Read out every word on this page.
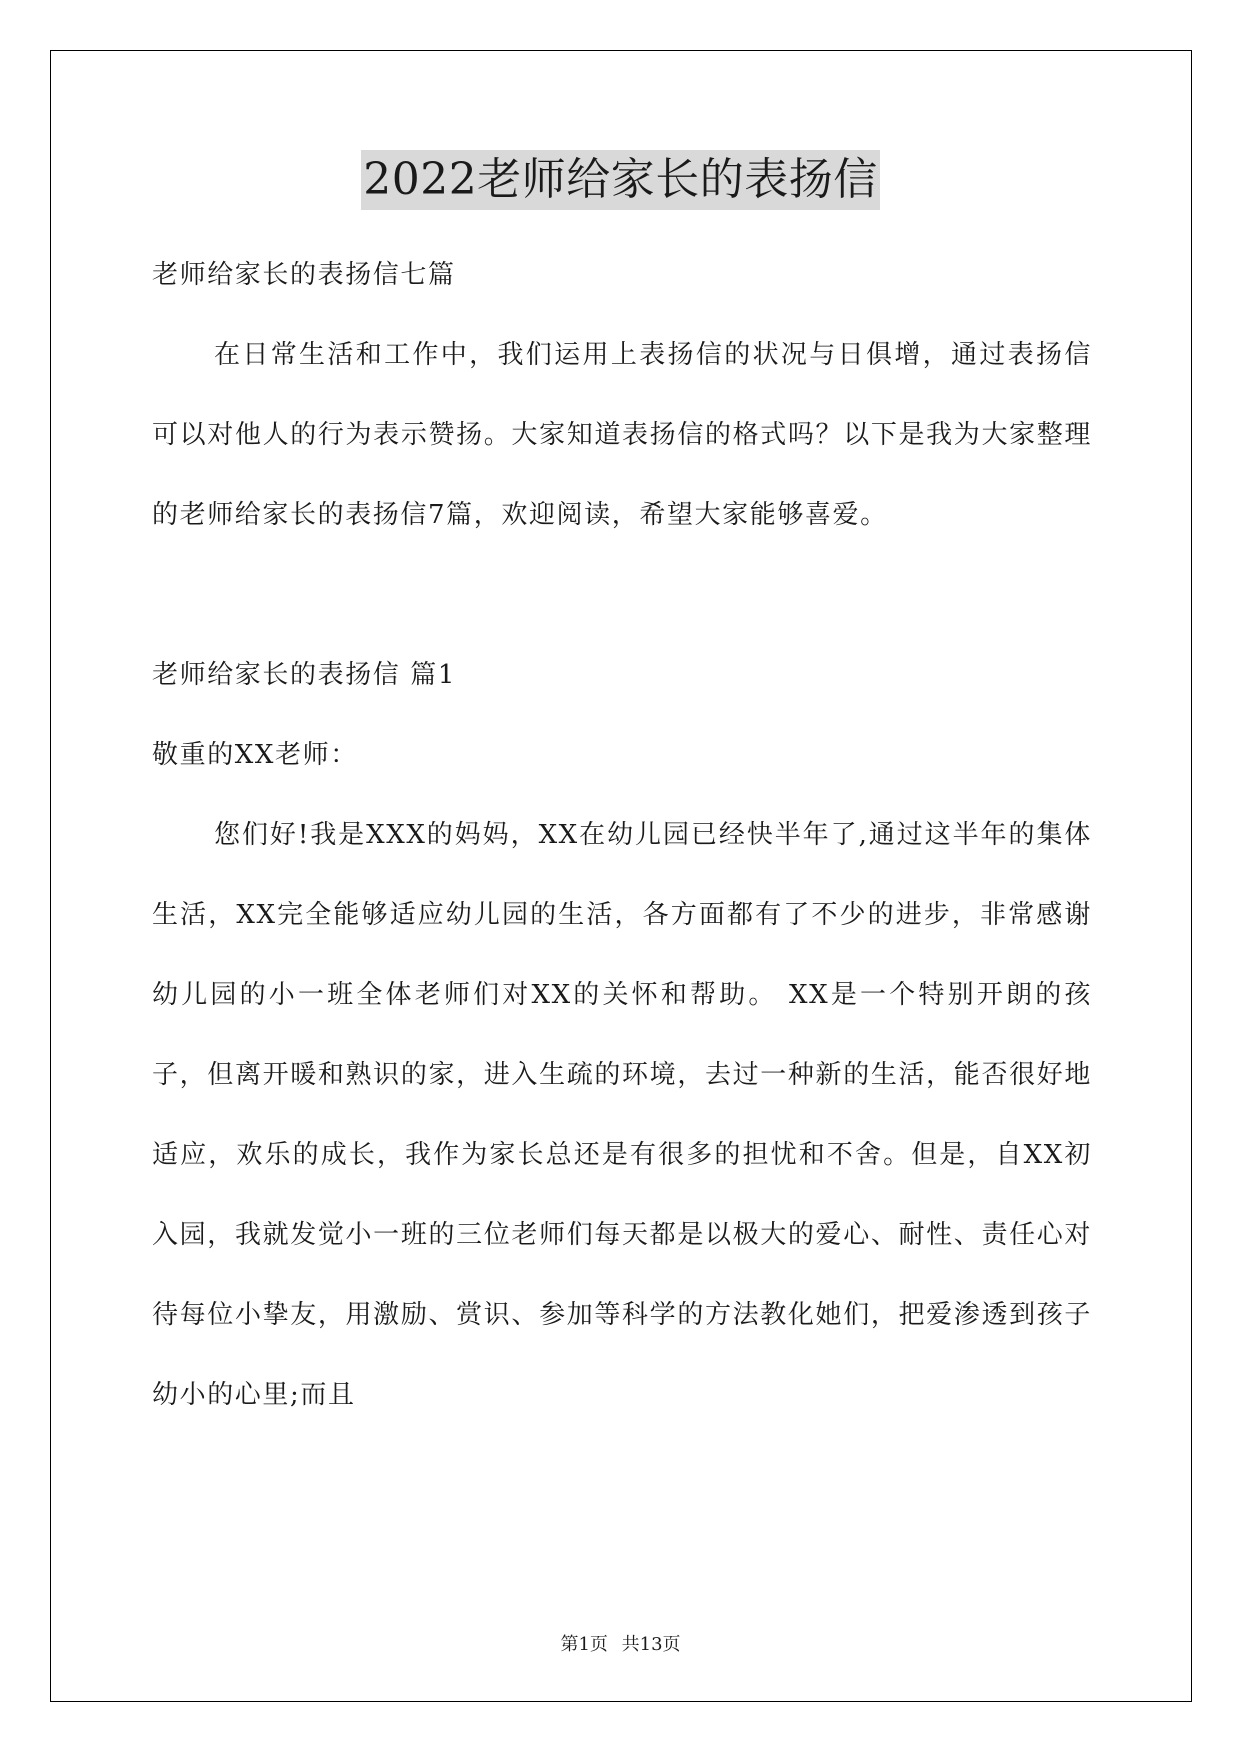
2022老师给家长的表扬信

老师给家长的表扬信七篇

在日常生活和工作中，我们运用上表扬信的状况与日俱增，通过表扬信可以对他人的行为表示赞扬。大家知道表扬信的格式吗？以下是我为大家整理的老师给家长的表扬信7篇，欢迎阅读，希望大家能够喜爱。

老师给家长的表扬信 篇1

敬重的XX老师：

您们好!我是XXX的妈妈，XX在幼儿园已经快半年了,通过这半年的集体生活，XX完全能够适应幼儿园的生活，各方面都有了不少的进步，非常感谢幼儿园的小一班全体老师们对XX的关怀和帮助。 XX是一个特别开朗的孩子，但离开暖和熟识的家，进入生疏的环境，去过一种新的生活，能否很好地适应，欢乐的成长，我作为家长总还是有很多的担忧和不舍。但是，自XX初入园，我就发觉小一班的三位老师们每天都是以极大的爱心、耐性、责任心对待每位小挚友，用激励、赏识、参加等科学的方法教化她们，把爱渗透到孩子幼小的心里;而且

第1页 共13页
